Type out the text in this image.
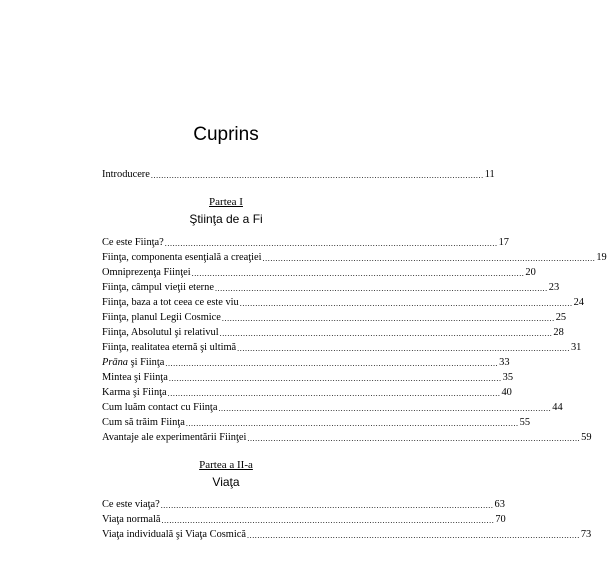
Cuprins
Introducere ................................................................................................................................ 11
Partea I
Ştiinţa de a Fi
Ce este Fiinţa? ................................................................................................................................ 17
Fiinţa, componenta esenţială a creaţiei ................................................................................................................................ 19
Omniprezenţa Fiinţei ................................................................................................................................ 20
Fiinţa, câmpul vieţii eterne ................................................................................................................................ 23
Fiinţa, baza a tot ceea ce este viu ................................................................................................................................ 24
Fiinţa, planul Legii Cosmice ................................................................................................................................ 25
Fiinţa, Absolutul şi relativul ................................................................................................................................ 28
Fiinţa, realitatea eternă şi ultimă ................................................................................................................................ 31
Prāna şi Fiinţa ................................................................................................................................ 33
Mintea şi Fiinţa ................................................................................................................................ 35
Karma şi Fiinţa ................................................................................................................................ 40
Cum luăm contact cu Fiinţa ................................................................................................................................ 44
Cum să trăim Fiinţa ................................................................................................................................ 55
Avantaje ale experimentării Fiinţei ................................................................................................................................ 59
Partea a II-a
Viaţa
Ce este viaţa? ................................................................................................................................ 63
Viaţa normală ................................................................................................................................ 70
Viaţa individuală şi Viaţa Cosmică ................................................................................................................................ 73
